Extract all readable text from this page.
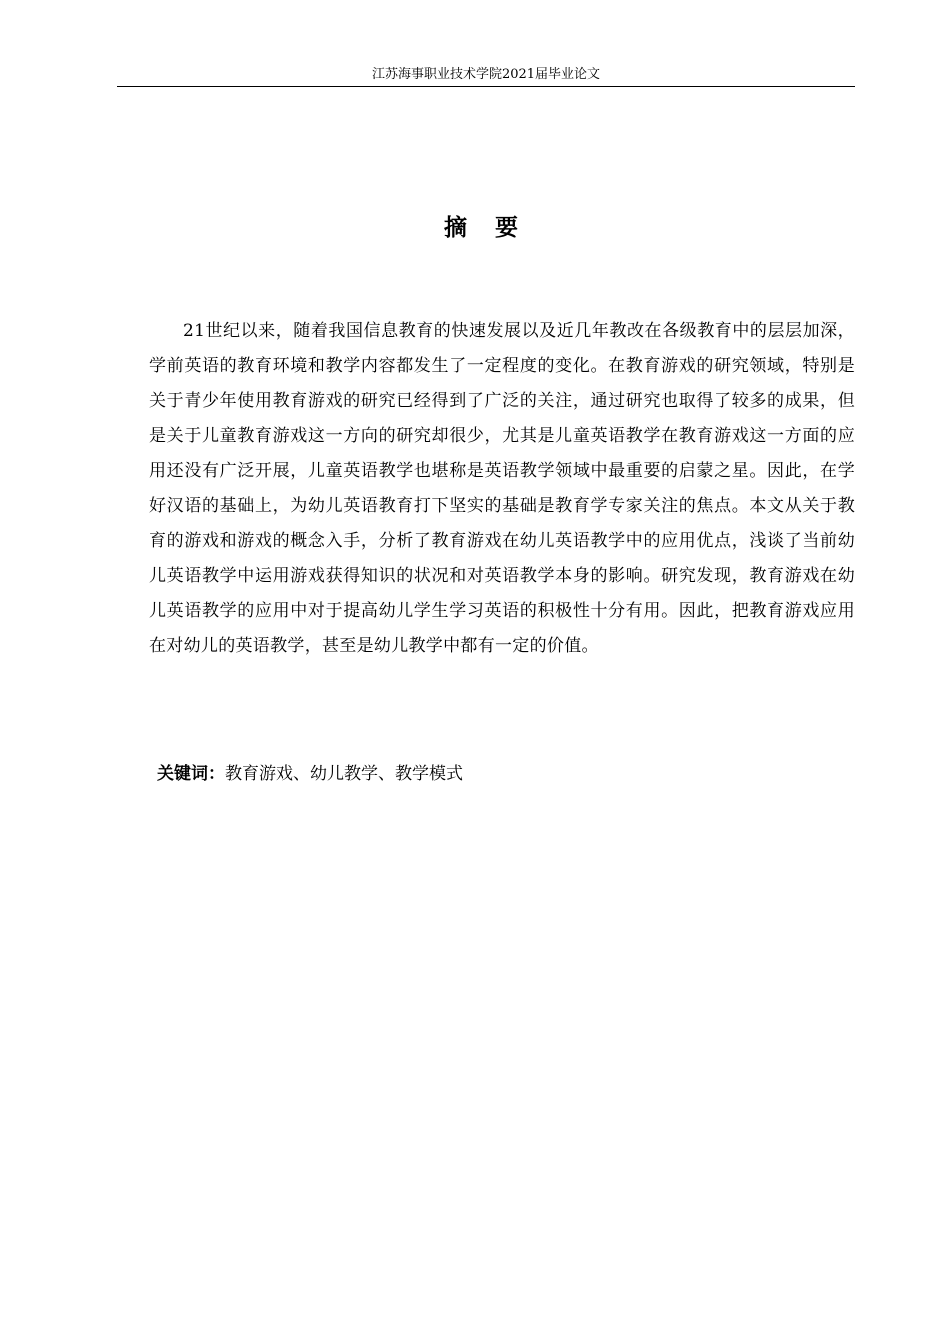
江苏海事职业技术学院2021届毕业论文
摘 要

21世纪以来，随着我国信息教育的快速发展以及近几年教改在各级教育中的层层加深，学前英语的教育环境和教学内容都发生了一定程度的变化。在教育游戏的研究领域，特别是关于青少年使用教育游戏的研究已经得到了广泛的关注，通过研究也取得了较多的成果，但是关于儿童教育游戏这一方向的研究却很少，尤其是儿童英语教学在教育游戏这一方面的应用还没有广泛开展，儿童英语教学也堪称是英语教学领域中最重要的启蒙之星。因此，在学好汉语的基础上，为幼儿英语教育打下坚实的基础是教育学专家关注的焦点。本文从关于教育的游戏和游戏的概念入手，分析了教育游戏在幼儿英语教学中的应用优点，浅谈了当前幼儿英语教学中运用游戏获得知识的状况和对英语教学本身的影响。研究发现，教育游戏在幼儿英语教学的应用中对于提高幼儿学生学习英语的积极性十分有用。因此，把教育游戏应用在对幼儿的英语教学，甚至是幼儿教学中都有一定的价值。

关键词：教育游戏、幼儿教学、教学模式
